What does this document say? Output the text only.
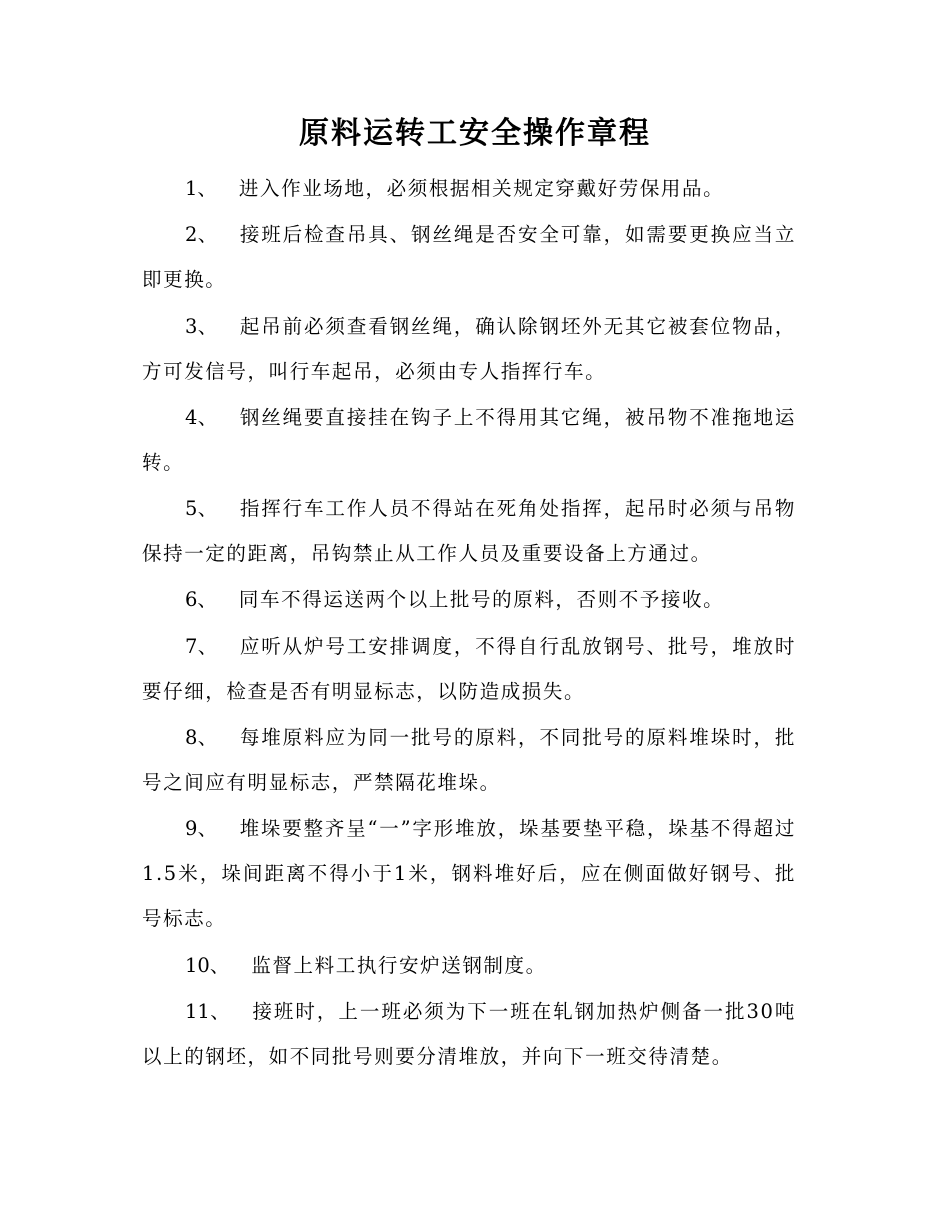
原料运转工安全操作章程

1、 进入作业场地，必须根据相关规定穿戴好劳保用品。

2、 接班后检查吊具、钢丝绳是否安全可靠，如需要更换应当立即更换。

3、 起吊前必须查看钢丝绳，确认除钢坯外无其它被套位物品，方可发信号，叫行车起吊，必须由专人指挥行车。

4、 钢丝绳要直接挂在钩子上不得用其它绳，被吊物不准拖地运转。

5、 指挥行车工作人员不得站在死角处指挥，起吊时必须与吊物保持一定的距离，吊钩禁止从工作人员及重要设备上方通过。

6、 同车不得运送两个以上批号的原料，否则不予接收。

7、 应听从炉号工安排调度，不得自行乱放钢号、批号，堆放时要仔细，检查是否有明显标志，以防造成损失。

8、 每堆原料应为同一批号的原料，不同批号的原料堆垛时，批号之间应有明显标志，严禁隔花堆垛。

9、 堆垛要整齐呈“一”字形堆放，垛基要垫平稳，垛基不得超过1.5米，垛间距离不得小于1米，钢料堆好后，应在侧面做好钢号、批号标志。

10、 监督上料工执行安炉送钢制度。

11、 接班时，上一班必须为下一班在轧钢加热炉侧备一批30吨以上的钢坯，如不同批号则要分清堆放，并向下一班交待清楚。
